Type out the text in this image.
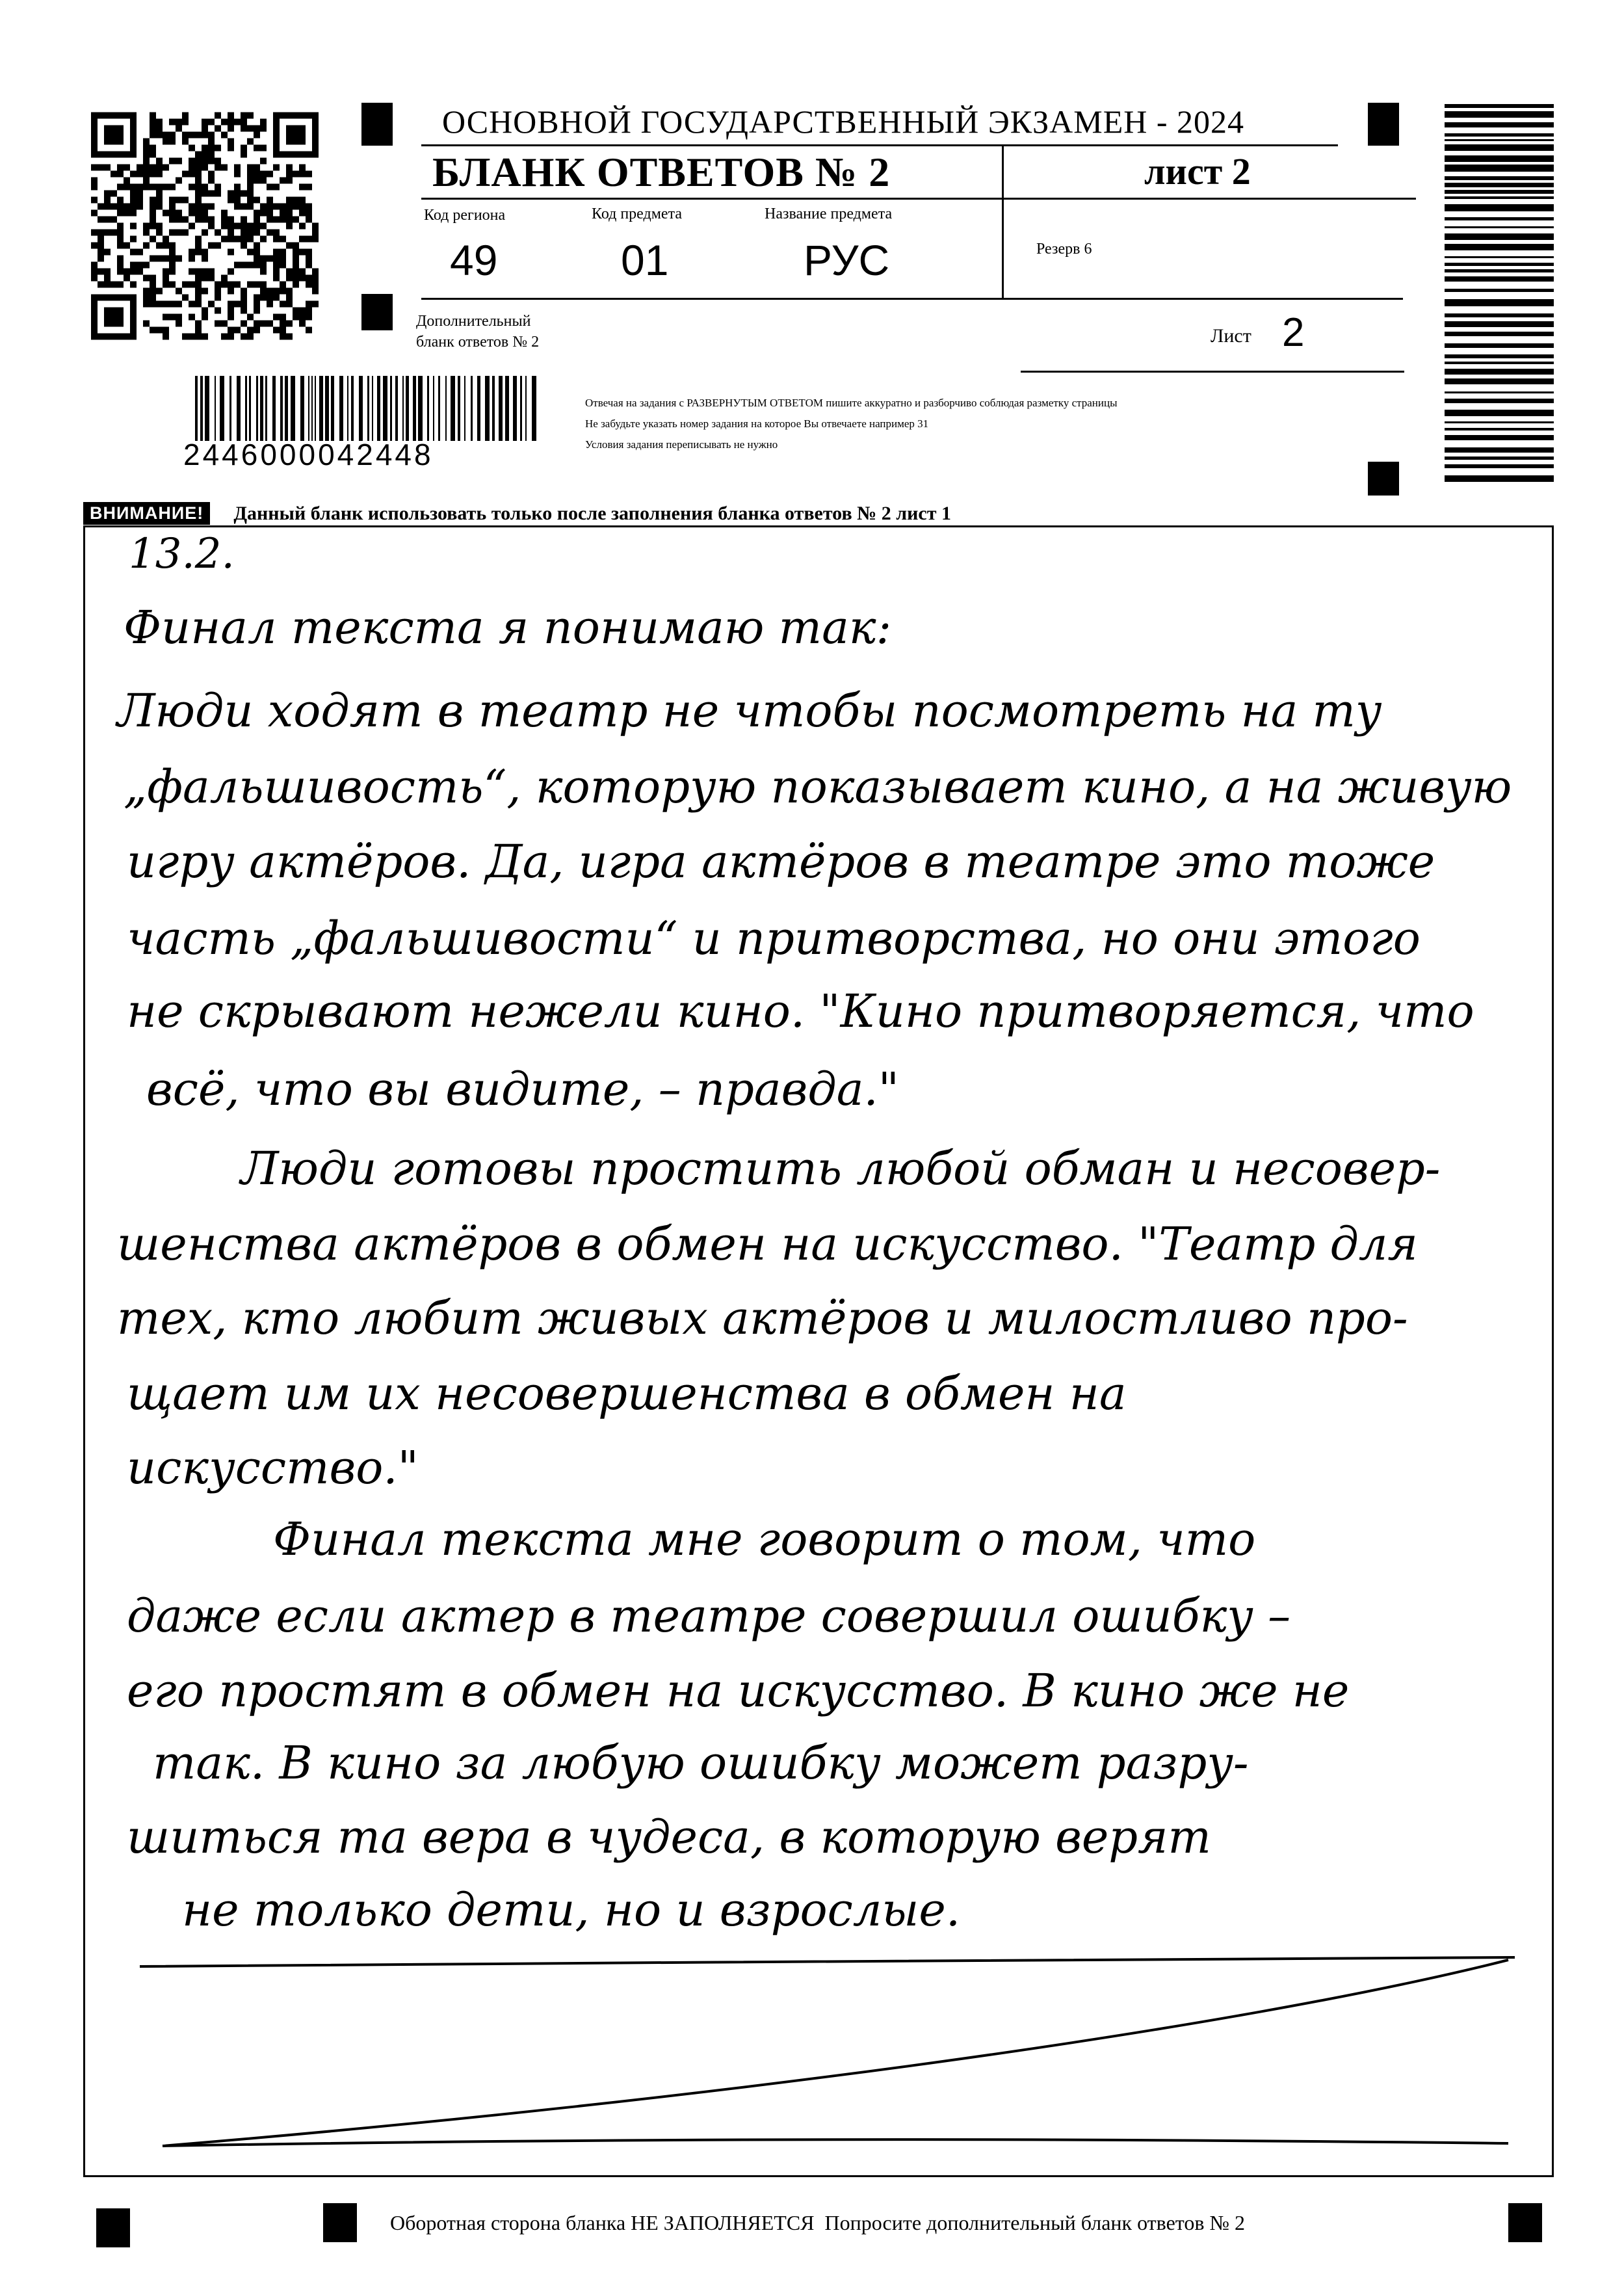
ОСНОВНОЙ ГОСУДАРСТВЕННЫЙ ЭКЗАМЕН - 2024
БЛАНК ОТВЕТОВ № 2	лист 2
Код региона	Код предмета	Название предмета
49	01	РУС	Резерв 6
Дополнительный
бланк ответов № 2	Лист 2
2446000042448
Отвечая на задания с РАЗВЕРНУТЫМ ОТВЕТОМ пишите аккуратно и разборчиво соблюдая разметку страницы
Не забудьте указать номер задания на которое Вы отвечаете например 31
Условия задания переписывать не нужно
ВНИМАНИЕ!	Данный бланк использовать только после заполнения бланка ответов № 2 лист 1
13.2.
Финал текста я понимаю так:
Люди ходят в театр не чтобы посмотреть на ту
„фальшивость“, которую показывает кино, а на живую
игру актёров. Да, игра актёров в театре это тоже
часть „фальшивости“ и притворства, но они этого
не скрывают нежели кино. "Кино притворяется, что
всё, что вы видите, – правда."
Люди готовы простить любой обман и несовер-
шенства актёров в обмен на искусство. "Театр для
тех, кто любит живых актёров и милостливо про-
щает им их несовершенства в обмен на
искусство."
Финал текста мне говорит о том, что
даже если актер в театре совершил ошибку –
его простят в обмен на искусство. В кино же не
так. В кино за любую ошибку может разру-
шиться та вера в чудеса, в которую верят
не только дети, но и взрослые.
Оборотная сторона бланка НЕ ЗАПОЛНЯЕТСЯ  Попросите дополнительный бланк ответов № 2
